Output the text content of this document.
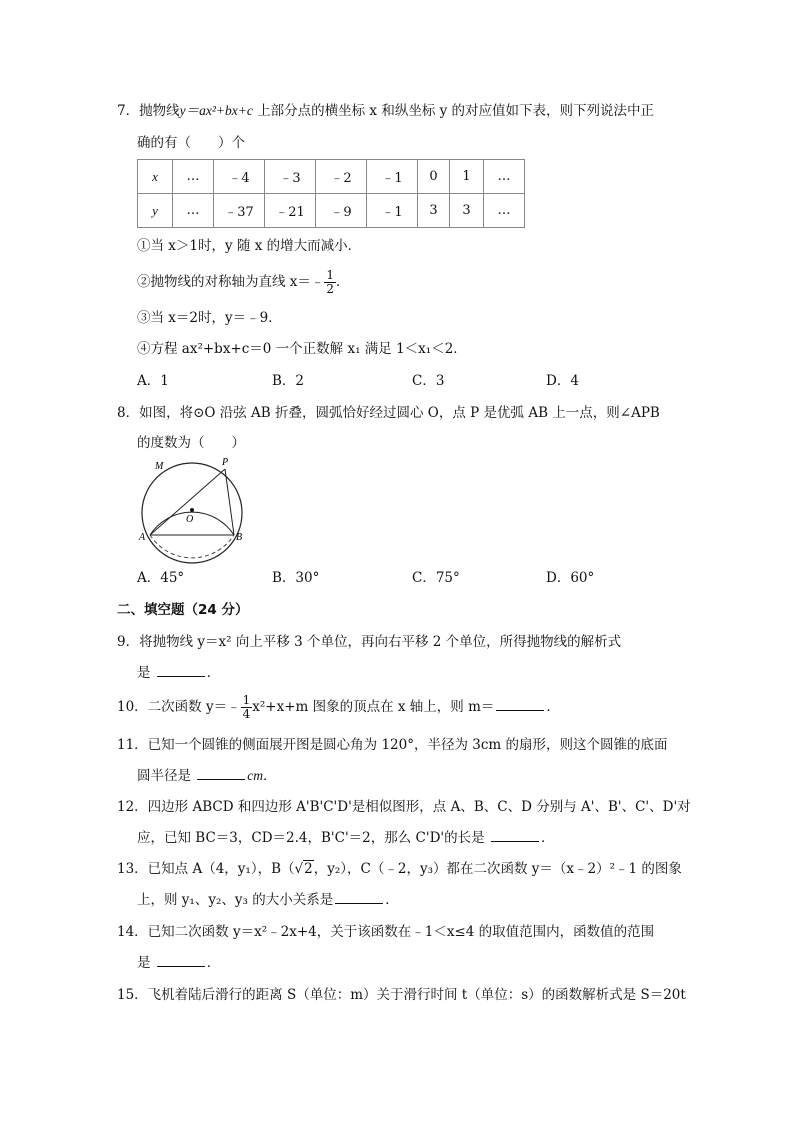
7．抛物线y＝ax²+bx+c 上部分点的横坐标 x 和纵坐标 y 的对应值如下表，则下列说法中正
确的有（　　）个
x	…	﹣4	﹣3	﹣2	﹣1	0	1	…
y	…	﹣37	﹣21	﹣9	﹣1	3	3	…
①当 x＞1时，y 随 x 的增大而减小．
②抛物线的对称轴为直线 x＝﹣ $\frac{1}{2}$ ．
③当 x＝2时，y＝﹣9．
④方程 ax²+bx+c＝0 一个正数解 x₁ 满足 1＜x₁＜2．
A．1	B．2	C．3	D．4
8．如图，将⊙O 沿弦 AB 折叠，圆弧恰好经过圆心 O，点 P 是优弧 AB 上一点，则∠APB
的度数为（　　）
M	P
O
A	B
A．45°	B．30°	C．75°	D．60°
二、填空题（24 分）
9．将抛物线 y＝x² 向上平移 3 个单位，再向右平移 2 个单位，所得抛物线的解析式
是	．
10．二次函数 y＝﹣ $\frac{1}{4} x^2+x+m$ 图象的顶点在 x 轴上，则 m＝	．
11．已知一个圆锥的侧面展开图是圆心角为 120°，半径为 3cm 的扇形，则这个圆锥的底面
圆半径是	cm．
12．四边形 ABCD 和四边形 A'B'C'D'是相似图形，点 A、B、C、D 分别与 A'、B'、C'、D'对
应，已知 BC＝3，CD＝2.4，B'C'＝2，那么 C'D'的长是	．
13．已知点 A（4，y₁），B（√2，y₂），C（﹣2，y₃）都在二次函数 y＝（x﹣2）²﹣1 的图象
上，则 y₁、y₂、y₃ 的大小关系是	．
14．已知二次函数 y＝x²﹣2x+4，关于该函数在﹣1＜x≤4 的取值范围内，函数值的范围
是	．
15．飞机着陆后滑行的距离 S（单位：m）关于滑行时间 t（单位：s）的函数解析式是 S＝20t
